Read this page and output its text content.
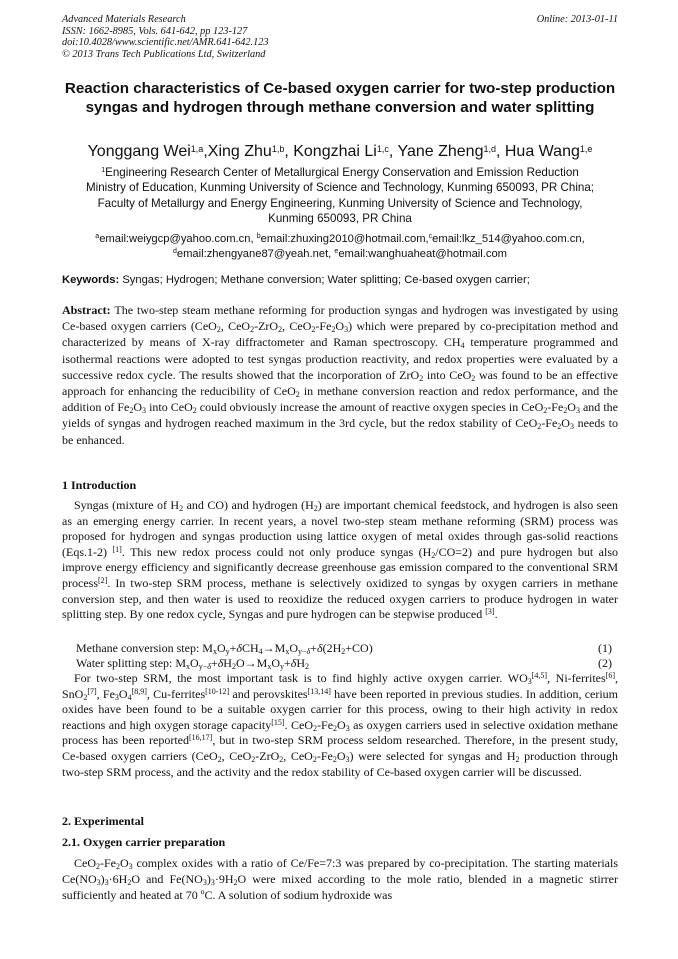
Advanced Materials Research
ISSN: 1662-8985, Vols. 641-642, pp 123-127
doi:10.4028/www.scientific.net/AMR.641-642.123
© 2013 Trans Tech Publications Ltd, Switzerland
Online: 2013-01-11
Reaction characteristics of Ce-based oxygen carrier for two-step production syngas and hydrogen through methane conversion and water splitting
Yonggang Wei$^{1,a}$,Xing Zhu$^{1,b}$, Kongzhai Li$^{1,c}$, Yane Zheng$^{1,d}$, Hua Wang$^{1,e}$
$^1$Engineering Research Center of Metallurgical Energy Conservation and Emission Reduction
Ministry of Education, Kunming University of Science and Technology, Kunming 650093, PR China;
Faculty of Metallurgy and Energy Engineering, Kunming University of Science and Technology,
Kunming 650093, PR China
$^a$email:weiygcp@yahoo.com.cn, $^b$email:zhuxing2010@hotmail.com,$^c$email:lkz_514@yahoo.com.cn,
$^d$email:zhengyane87@yeah.net, $^e$email:wanghuaheat@hotmail.com
Keywords: Syngas; Hydrogen; Methane conversion; Water splitting; Ce-based oxygen carrier;
Abstract: The two-step steam methane reforming for production syngas and hydrogen was investigated by using Ce-based oxygen carriers (CeO$_2$, CeO$_2$-ZrO$_2$, $CeO_2-Fe_2O_3$) which were prepared by co-precipitation method and characterized by means of X-ray diffractometer and Raman spectroscopy. $CH_4$ temperature programmed and isothermal reactions were adopted to test syngas production reactivity, and redox properties were evaluated by a successive redox cycle. The results showed that the incorporation of ZrO$_2$ into CeO$_2$ was found to be an effective approach for enhancing the reducibility of CeO$_2$ in methane conversion reaction and redox performance, and the addition of $Fe_2O_3$ into CeO$_2$ could obviously increase the amount of reactive oxygen species in $CeO_2-Fe_2O_3$ and the yields of syngas and hydrogen reached maximum in the 3rd cycle, but the redox stability of $CeO_2-Fe_2O_3$ needs to be enhanced.
1 Introduction

Syngas (mixture of $H_2$ and CO) and hydrogen $(H_2)$ are important chemical feedstock, and hydrogen is also seen as an emerging energy carrier. In recent years, a novel two-step steam methane reforming (SRM) process was proposed for hydrogen and syngas production using lattice oxygen of metal oxides through gas-solid reactions (Eqs.1-2) [1]. This new redox process could not only produce syngas $(H_2/CO=2)$ and pure hydrogen but also improve energy efficiency and significantly decrease greenhouse gas emission compared to the conventional SRM process[2]. In two-step SRM process, methane is selectively oxidized to syngas by oxygen carriers in methane conversion step, and then water is used to reoxidize the reduced oxygen carriers to produce hydrogen in water splitting step. By one redox cycle, Syngas and pure hydrogen can be stepwise produced [3].

Methane conversion step: $M_xO_y+\delta CH_4\to M_xO_{y-\delta}+\delta(2H_2+CO)$	(1)
Water splitting step: $M_xO_{y-\delta}+\delta H_2O\to M_xO_y+\delta H_2$	(2)

For two-step SRM, the most important task is to find highly active oxygen carrier. $WO_3[4,5]$, Ni-ferrites[6], SnO$_2$[7], $Fe_3O_4[8,9]$, Cu-ferrites[10-12] and perovskites[13,14] have been reported in previous studies. In addition, cerium oxides have been found to be a suitable oxygen carrier for this process, owing to their high activity in redox reactions and high oxygen storage capacity[15]. $CeO_2-Fe_2O_3$ as oxygen carriers used in selective oxidation methane process has been reported[16,17], but in two-step SRM process seldom researched. Therefore, in the present study, Ce-based oxygen carriers (CeO$_2$, CeO$_2$-ZrO$_2$, $CeO_2-Fe_2O_3$) were selected for syngas and $H_2$ production through two-step SRM process, and the activity and the redox stability of Ce-based oxygen carrier will be discussed.

2. Experimental
2.1. Oxygen carrier preparation

$CeO_2-Fe_2O_3$ complex oxides with a ratio of Ce/Fe=7:3 was prepared by co-precipitation. The starting materials $Ce(NO_3)_3\cdot 6H_2O$ and $Fe(NO_3)_3\cdot 9H_2O$ were mixed according to the mole ratio, blended in a magnetic stirrer sufficiently and heated at 70 ºC. A solution of sodium hydroxide was
